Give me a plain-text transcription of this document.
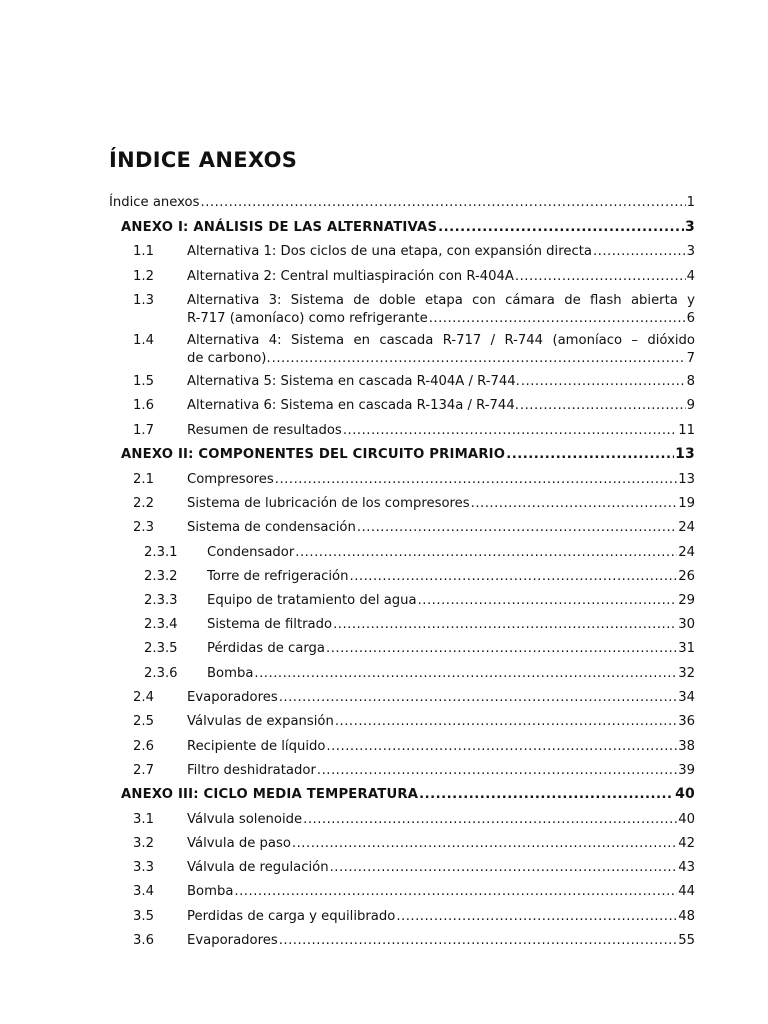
ÍNDICE ANEXOS
Índice anexos .....	1
ANEXO I: ANÁLISIS DE LAS ALTERNATIVAS .....	3
1.1	Alternativa 1: Dos ciclos de una etapa, con expansión directa .....	3
1.2	Alternativa 2: Central multiaspiración con R-404A .....	4
1.3	Alternativa 3: Sistema de doble etapa con cámara de flash abierta y
R-717 (amoníaco) como refrigerante .....	6
1.4	Alternativa 4: Sistema en cascada R-717 / R-744 (amoníaco – dióxido
de carbono). .....	7
1.5	Alternativa 5: Sistema en cascada R-404A / R-744. .....	8
1.6	Alternativa 6: Sistema en cascada R-134a / R-744. .....	9
1.7	Resumen de resultados .....	11
ANEXO II: COMPONENTES DEL CIRCUITO PRIMARIO .....	13
2.1	Compresores .....	13
2.2	Sistema de lubricación de los compresores .....	19
2.3	Sistema de condensación .....	24
2.3.1 Condensador .....	24
2.3.2 Torre de refrigeración .....	26
2.3.3 Equipo de tratamiento del agua .....	29
2.3.4 Sistema de filtrado .....	30
2.3.5 Pérdidas de carga .....	31
2.3.6 Bomba .....	32
2.4	Evaporadores .....	34
2.5	Válvulas de expansión .....	36
2.6	Recipiente de líquido .....	38
2.7	Filtro deshidratador .....	39
ANEXO III: CICLO MEDIA TEMPERATURA .....	40
3.1	Válvula solenoide .....	40
3.2	Válvula de paso .....	42
3.3	Válvula de regulación .....	43
3.4	Bomba .....	44
3.5	Perdidas de carga y equilibrado .....	48
3.6	Evaporadores .....	55
